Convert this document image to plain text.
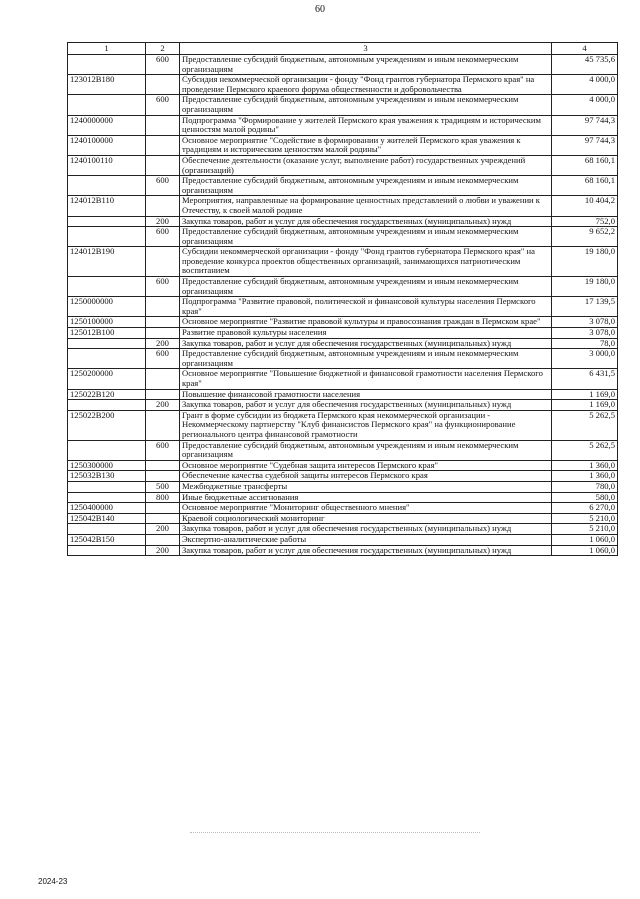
60
1	2	3	4
	600	Предоставление субсидий бюджетным, автономным учреждениям и иным некоммерческим организациям	45 735,6
123012В180		Субсидия некоммерческой организации - фонду "Фонд грантов губернатора Пермского края" на проведение Пермского краевого форума общественности и добровольчества	4 000,0
	600	Предоставление субсидий бюджетным, автономным учреждениям и иным некоммерческим организациям	4 000,0
1240000000		Подпрограмма "Формирование у жителей Пермского края уважения к традициям и историческим ценностям малой родины"	97 744,3
1240100000		Основное мероприятие "Содействие в формировании у жителей Пермского края уважения к традициям и историческим ценностям малой родины"	97 744,3
1240100110		Обеспечение деятельности (оказание услуг, выполнение работ) государственных учреждений (организаций)	68 160,1
	600	Предоставление субсидий бюджетным, автономным учреждениям и иным некоммерческим организациям	68 160,1
124012В110		Мероприятия, направленные на формирование ценностных представлений о любви и уважении к Отечеству, к своей малой родине	10 404,2
	200	Закупка товаров, работ и услуг для обеспечения государственных (муниципальных) нужд	752,0
	600	Предоставление субсидий бюджетным, автономным учреждениям и иным некоммерческим организациям	9 652,2
124012В190		Субсидии некоммерческой организации - фонду "Фонд грантов губернатора Пермского края" на проведение конкурса проектов общественных организаций, занимающихся патриотическим воспитанием	19 180,0
	600	Предоставление субсидий бюджетным, автономным учреждениям и иным некоммерческим организациям	19 180,0
1250000000		Подпрограмма "Развитие правовой, политической и финансовой культуры населения Пермского края"	17 139,5
1250100000		Основное мероприятие "Развитие правовой культуры и правосознания граждан в Пермском крае"	3 078,0
125012В100		Развитие правовой культуры населения	3 078,0
	200	Закупка товаров, работ и услуг для обеспечения государственных (муниципальных) нужд	78,0
	600	Предоставление субсидий бюджетным, автономным учреждениям и иным некоммерческим организациям	3 000,0
1250200000		Основное мероприятие "Повышение бюджетной и финансовой грамотности населения Пермского края"	6 431,5
125022В120		Повышение финансовой грамотности населения	1 169,0
	200	Закупка товаров, работ и услуг для обеспечения государственных (муниципальных) нужд	1 169,0
125022В200		Грант в форме субсидии из бюджета Пермского края некоммерческой организации - Некоммерческому партнерству "Клуб финансистов Пермского края" на функционирование регионального центра финансовой грамотности	5 262,5
	600	Предоставление субсидий бюджетным, автономным учреждениям и иным некоммерческим организациям	5 262,5
1250300000		Основное мероприятие "Судебная защита интересов Пермского края"	1 360,0
125032В130		Обеспечение качества судебной защиты интересов Пермского края	1 360,0
	500	Межбюджетные трансферты	780,0
	800	Иные бюджетные ассигнования	580,0
1250400000		Основное мероприятие "Мониторинг общественного мнения"	6 270,0
125042В140		Краевой социологический мониторинг	5 210,0
	200	Закупка товаров, работ и услуг для обеспечения государственных (муниципальных) нужд	5 210,0
125042В150		Экспертно-аналитические работы	1 060,0
	200	Закупка товаров, работ и услуг для обеспечения государственных (муниципальных) нужд	1 060,0
2024-23
